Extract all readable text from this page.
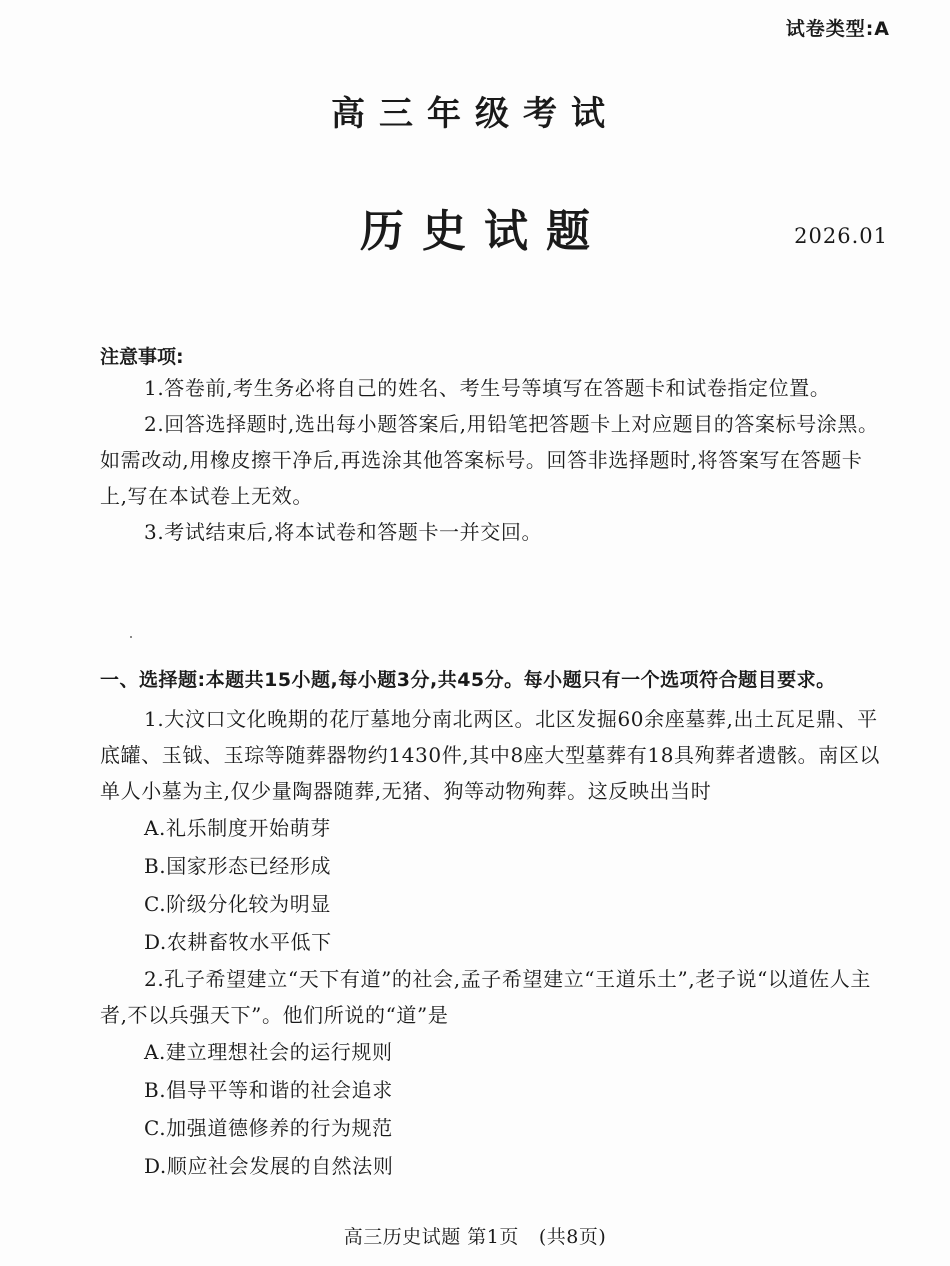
试卷类型:A
高三年级考试
历史试题	2026.01
注意事项:

1.答卷前,考生务必将自己的姓名、考生号等填写在答题卡和试卷指定位置。

2.回答选择题时,选出每小题答案后,用铅笔把答题卡上对应题目的答案标号涂黑。如需改动,用橡皮擦干净后,再选涂其他答案标号。回答非选择题时,将答案写在答题卡上,写在本试卷上无效。

3.考试结束后,将本试卷和答题卡一并交回。

一、选择题:本题共15小题,每小题3分,共45分。每小题只有一个选项符合题目要求。

1.大汶口文化晚期的花厅墓地分南北两区。北区发掘60余座墓葬,出土瓦足鼎、平底罐、玉钺、玉琮等随葬器物约1430件,其中8座大型墓葬有18具殉葬者遗骸。南区以单人小墓为主,仅少量陶器随葬,无猪、狗等动物殉葬。这反映出当时

A.礼乐制度开始萌芽

B.国家形态已经形成

C.阶级分化较为明显

D.农耕畜牧水平低下

2.孔子希望建立“天下有道”的社会,孟子希望建立“王道乐土”,老子说“以道佐人主者,不以兵强天下”。他们所说的“道”是

A.建立理想社会的运行规则

B.倡导平等和谐的社会追求

C.加强道德修养的行为规范

D.顺应社会发展的自然法则

高三历史试题 第1页 (共8页)
